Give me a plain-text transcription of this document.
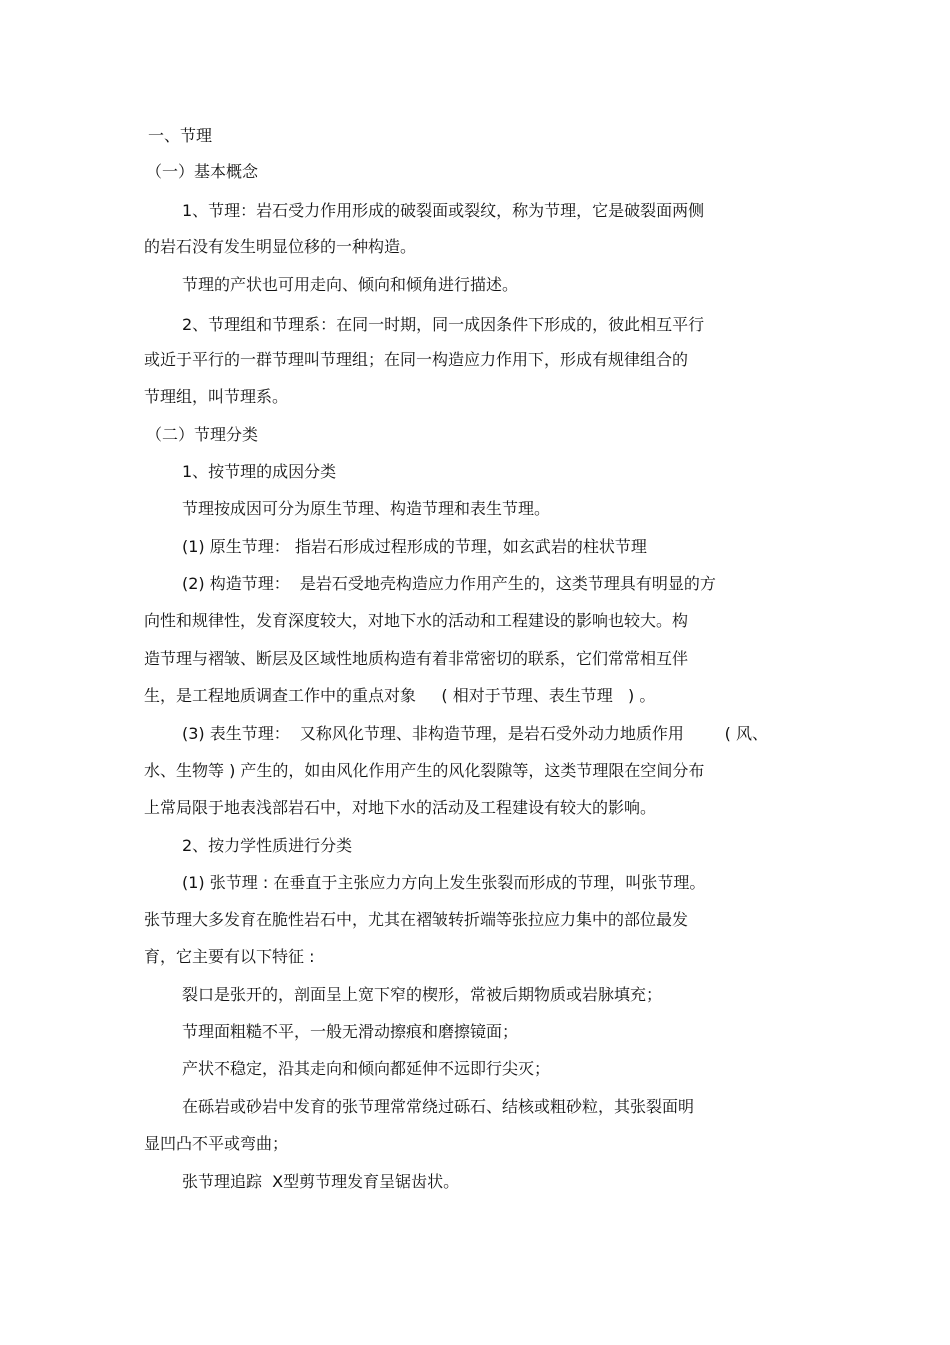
一、节理
（一）基本概念
1、节理：岩石受力作用形成的破裂面或裂纹，称为节理，它是破裂面两侧
的岩石没有发生明显位移的一种构造。
节理的产状也可用走向、倾向和倾角进行描述。
2、节理组和节理系：在同一时期，同一成因条件下形成的，彼此相互平行
或近于平行的一群节理叫节理组；在同一构造应力作用下，形成有规律组合的
节理组，叫节理系。
（二）节理分类
1、按节理的成因分类
节理按成因可分为原生节理、构造节理和表生节理。
(1) 原生节理： 指岩石形成过程形成的节理，如玄武岩的柱状节理
(2) 构造节理：  是岩石受地壳构造应力作用产生的，这类节理具有明显的方
向性和规律性，发育深度较大，对地下水的活动和工程建设的影响也较大。构
造节理与褶皱、断层及区域性地质构造有着非常密切的联系，它们常常相互伴
生，是工程地质调查工作中的重点对象     ( 相对于节理、表生节理   ) 。
(3) 表生节理：  又称风化节理、非构造节理，是岩石受外动力地质作用        ( 风、
水、生物等 ) 产生的，如由风化作用产生的风化裂隙等，这类节理限在空间分布
上常局限于地表浅部岩石中，对地下水的活动及工程建设有较大的影响。
2、按力学性质进行分类
(1) 张节理 : 在垂直于主张应力方向上发生张裂而形成的节理，叫张节理。
张节理大多发育在脆性岩石中，尤其在褶皱转折端等张拉应力集中的部位最发
育，它主要有以下特征 :
裂口是张开的，剖面呈上宽下窄的楔形，常被后期物质或岩脉填充；
节理面粗糙不平，一般无滑动擦痕和磨擦镜面；
产状不稳定，沿其走向和倾向都延伸不远即行尖灭；
在砾岩或砂岩中发育的张节理常常绕过砾石、结核或粗砂粒，其张裂面明
显凹凸不平或弯曲；
张节理追踪  X型剪节理发育呈锯齿状。
